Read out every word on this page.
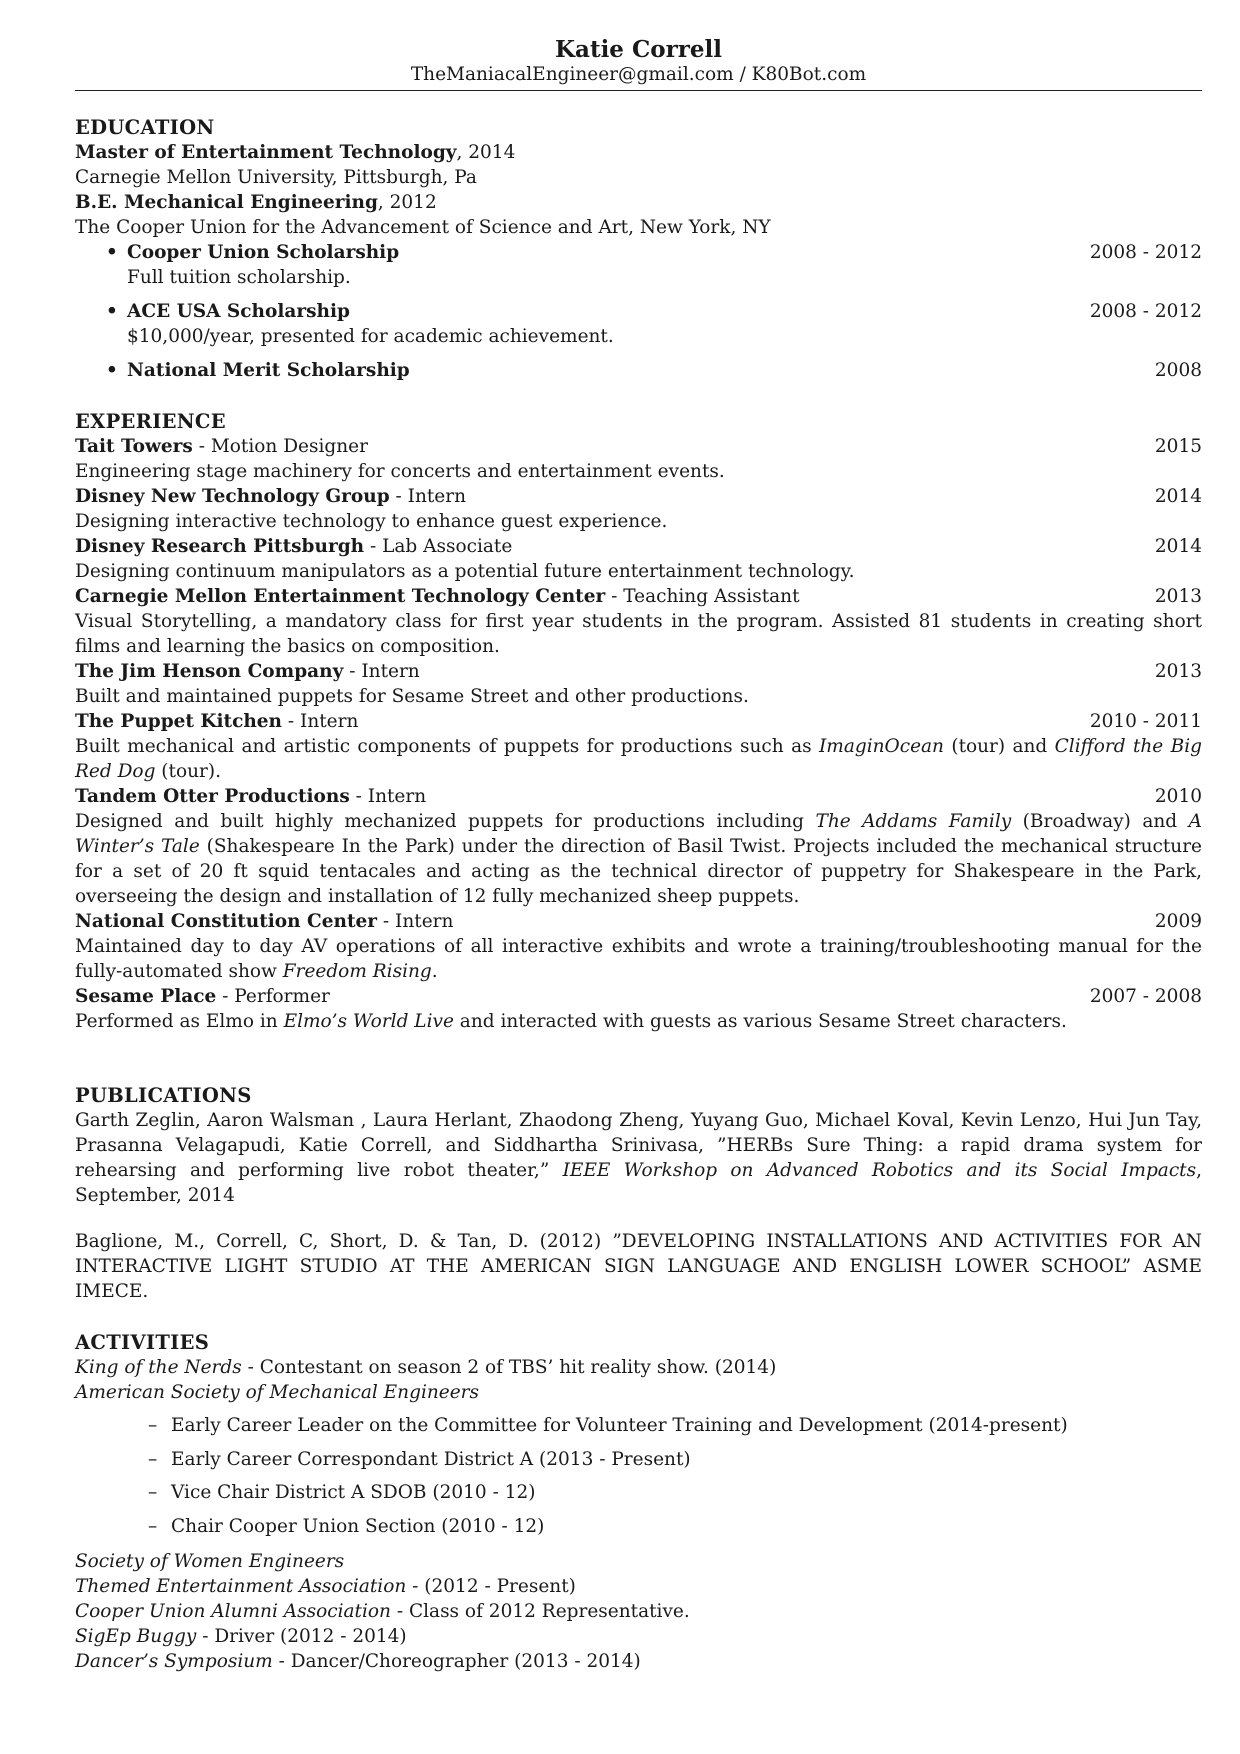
Katie Correll
TheManiacalEngineer@gmail.com / K80Bot.com
EDUCATION
Master of Entertainment Technology, 2014
Carnegie Mellon University, Pittsburgh, Pa
B.E. Mechanical Engineering, 2012
The Cooper Union for the Advancement of Science and Art, New York, NY
• Cooper Union Scholarship	2008 - 2012
Full tuition scholarship.
• ACE USA Scholarship	2008 - 2012
$10,000/year, presented for academic achievement.
• National Merit Scholarship	2008
EXPERIENCE
Tait Towers - Motion Designer	2015
Engineering stage machinery for concerts and entertainment events.
Disney New Technology Group - Intern	2014
Designing interactive technology to enhance guest experience.
Disney Research Pittsburgh - Lab Associate	2014
Designing continuum manipulators as a potential future entertainment technology.
Carnegie Mellon Entertainment Technology Center - Teaching Assistant	2013
Visual Storytelling, a mandatory class for first year students in the program. Assisted 81 students in creating short films and learning the basics on composition.
The Jim Henson Company - Intern	2013
Built and maintained puppets for Sesame Street and other productions.
The Puppet Kitchen - Intern	2010 - 2011
Built mechanical and artistic components of puppets for productions such as ImaginOcean (tour) and Clifford the Big Red Dog (tour).
Tandem Otter Productions - Intern	2010
Designed and built highly mechanized puppets for productions including The Addams Family (Broadway) and A Winter’s Tale (Shakespeare In the Park) under the direction of Basil Twist. Projects included the mechanical structure for a set of 20 ft squid tentacales and acting as the technical director of puppetry for Shakespeare in the Park, overseeing the design and installation of 12 fully mechanized sheep puppets.
National Constitution Center - Intern	2009
Maintained day to day AV operations of all interactive exhibits and wrote a training/troubleshooting manual for the fully-automated show Freedom Rising.
Sesame Place - Performer	2007 - 2008
Performed as Elmo in Elmo’s World Live and interacted with guests as various Sesame Street characters.
PUBLICATIONS
Garth Zeglin, Aaron Walsman , Laura Herlant, Zhaodong Zheng, Yuyang Guo, Michael Koval, Kevin Lenzo, Hui Jun Tay, Prasanna Velagapudi, Katie Correll, and Siddhartha Srinivasa, ”HERBs Sure Thing: a rapid drama system for rehearsing and performing live robot theater,” IEEE Workshop on Advanced Robotics and its Social Impacts, September, 2014
Baglione, M., Correll, C, Short, D. & Tan, D. (2012) ”DEVELOPING INSTALLATIONS AND ACTIVITIES FOR AN INTERACTIVE LIGHT STUDIO AT THE AMERICAN SIGN LANGUAGE AND ENGLISH LOWER SCHOOL” ASME IMECE.
ACTIVITIES
King of the Nerds - Contestant on season 2 of TBS’ hit reality show. (2014)
American Society of Mechanical Engineers
– Early Career Leader on the Committee for Volunteer Training and Development (2014-present)
– Early Career Correspondant District A (2013 - Present)
– Vice Chair District A SDOB (2010 - 12)
– Chair Cooper Union Section (2010 - 12)
Society of Women Engineers
Themed Entertainment Association - (2012 - Present)
Cooper Union Alumni Association - Class of 2012 Representative.
SigEp Buggy - Driver (2012 - 2014)
Dancer’s Symposium - Dancer/Choreographer (2013 - 2014)
